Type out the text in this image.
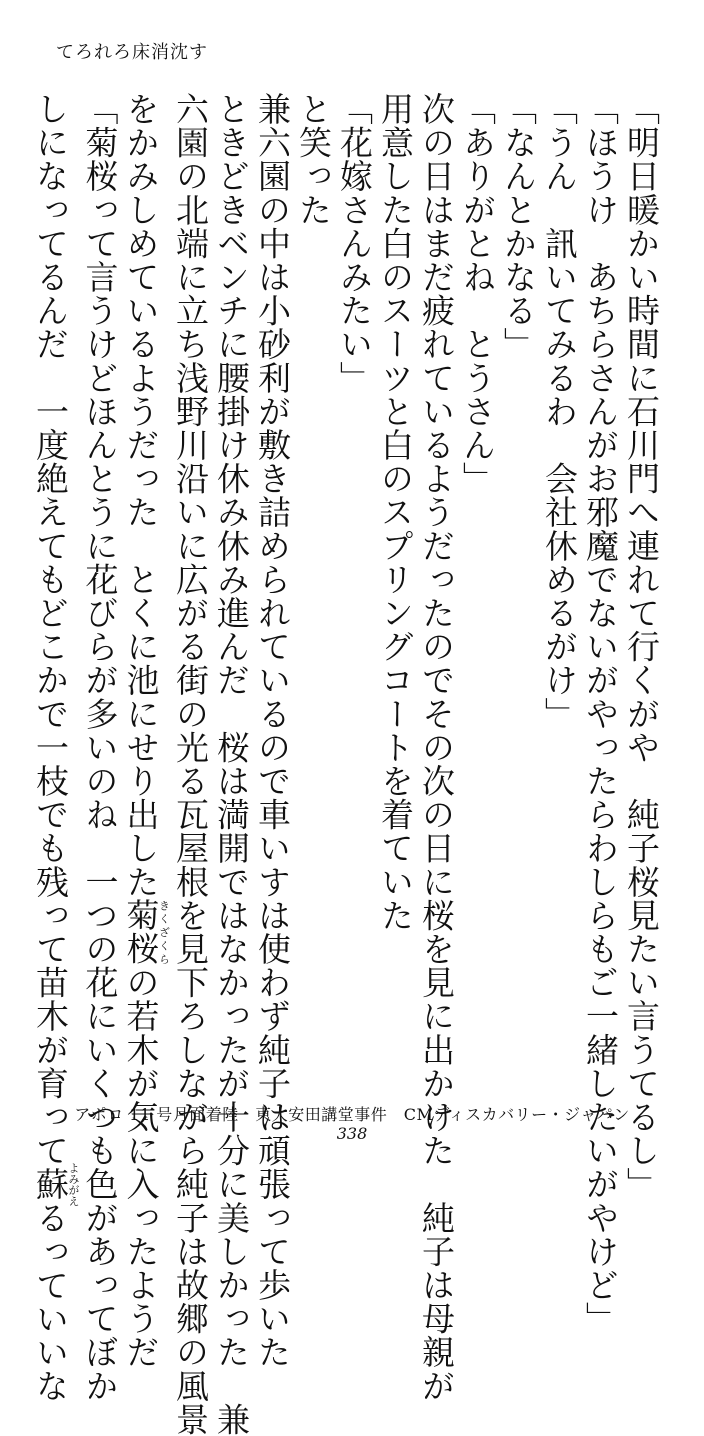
てろれろ床消沈す

「明日暖かい時間に石川門へ連れて行くがや　純子桜見たい言うてるし」

「ほうけ　あちらさんがお邪魔でないがやったらわしらもご一緒したいがやけど」

「うん　訊いてみるわ　会社休めるがけ」

「なんとかなる」

「ありがとね　とうさん」

次の日はまだ疲れているようだったのでその次の日に桜を見に出かけた　純子は母親が

用意した白のスーツと白のスプリングコートを着ていた

「花嫁さんみたい」

と笑った

兼六園の中は小砂利が敷き詰められているので車いすは使わず純子は頑張って歩いた

ときどきベンチに腰掛け休み休み進んだ　桜は満開ではなかったが十分に美しかった　兼

六園の北端に立ち浅野川沿いに広がる街の光る瓦屋根を見下ろしながら純子は故郷の風景

をかみしめているようだった　とくに池にせり出した菊桜きくざくらの若木が気に入ったようだ

「菊桜って言うけどほんとうに花びらが多いのね　一つの花にいくつも色があってぼか

しになってるんだ　一度絶えてもどこかで一枝でも残って苗木が育って蘇よみがえるっていいな

アポロ 11 号月面着陸　東大安田講堂事件　CMディスカバリー・ジャパン
338
